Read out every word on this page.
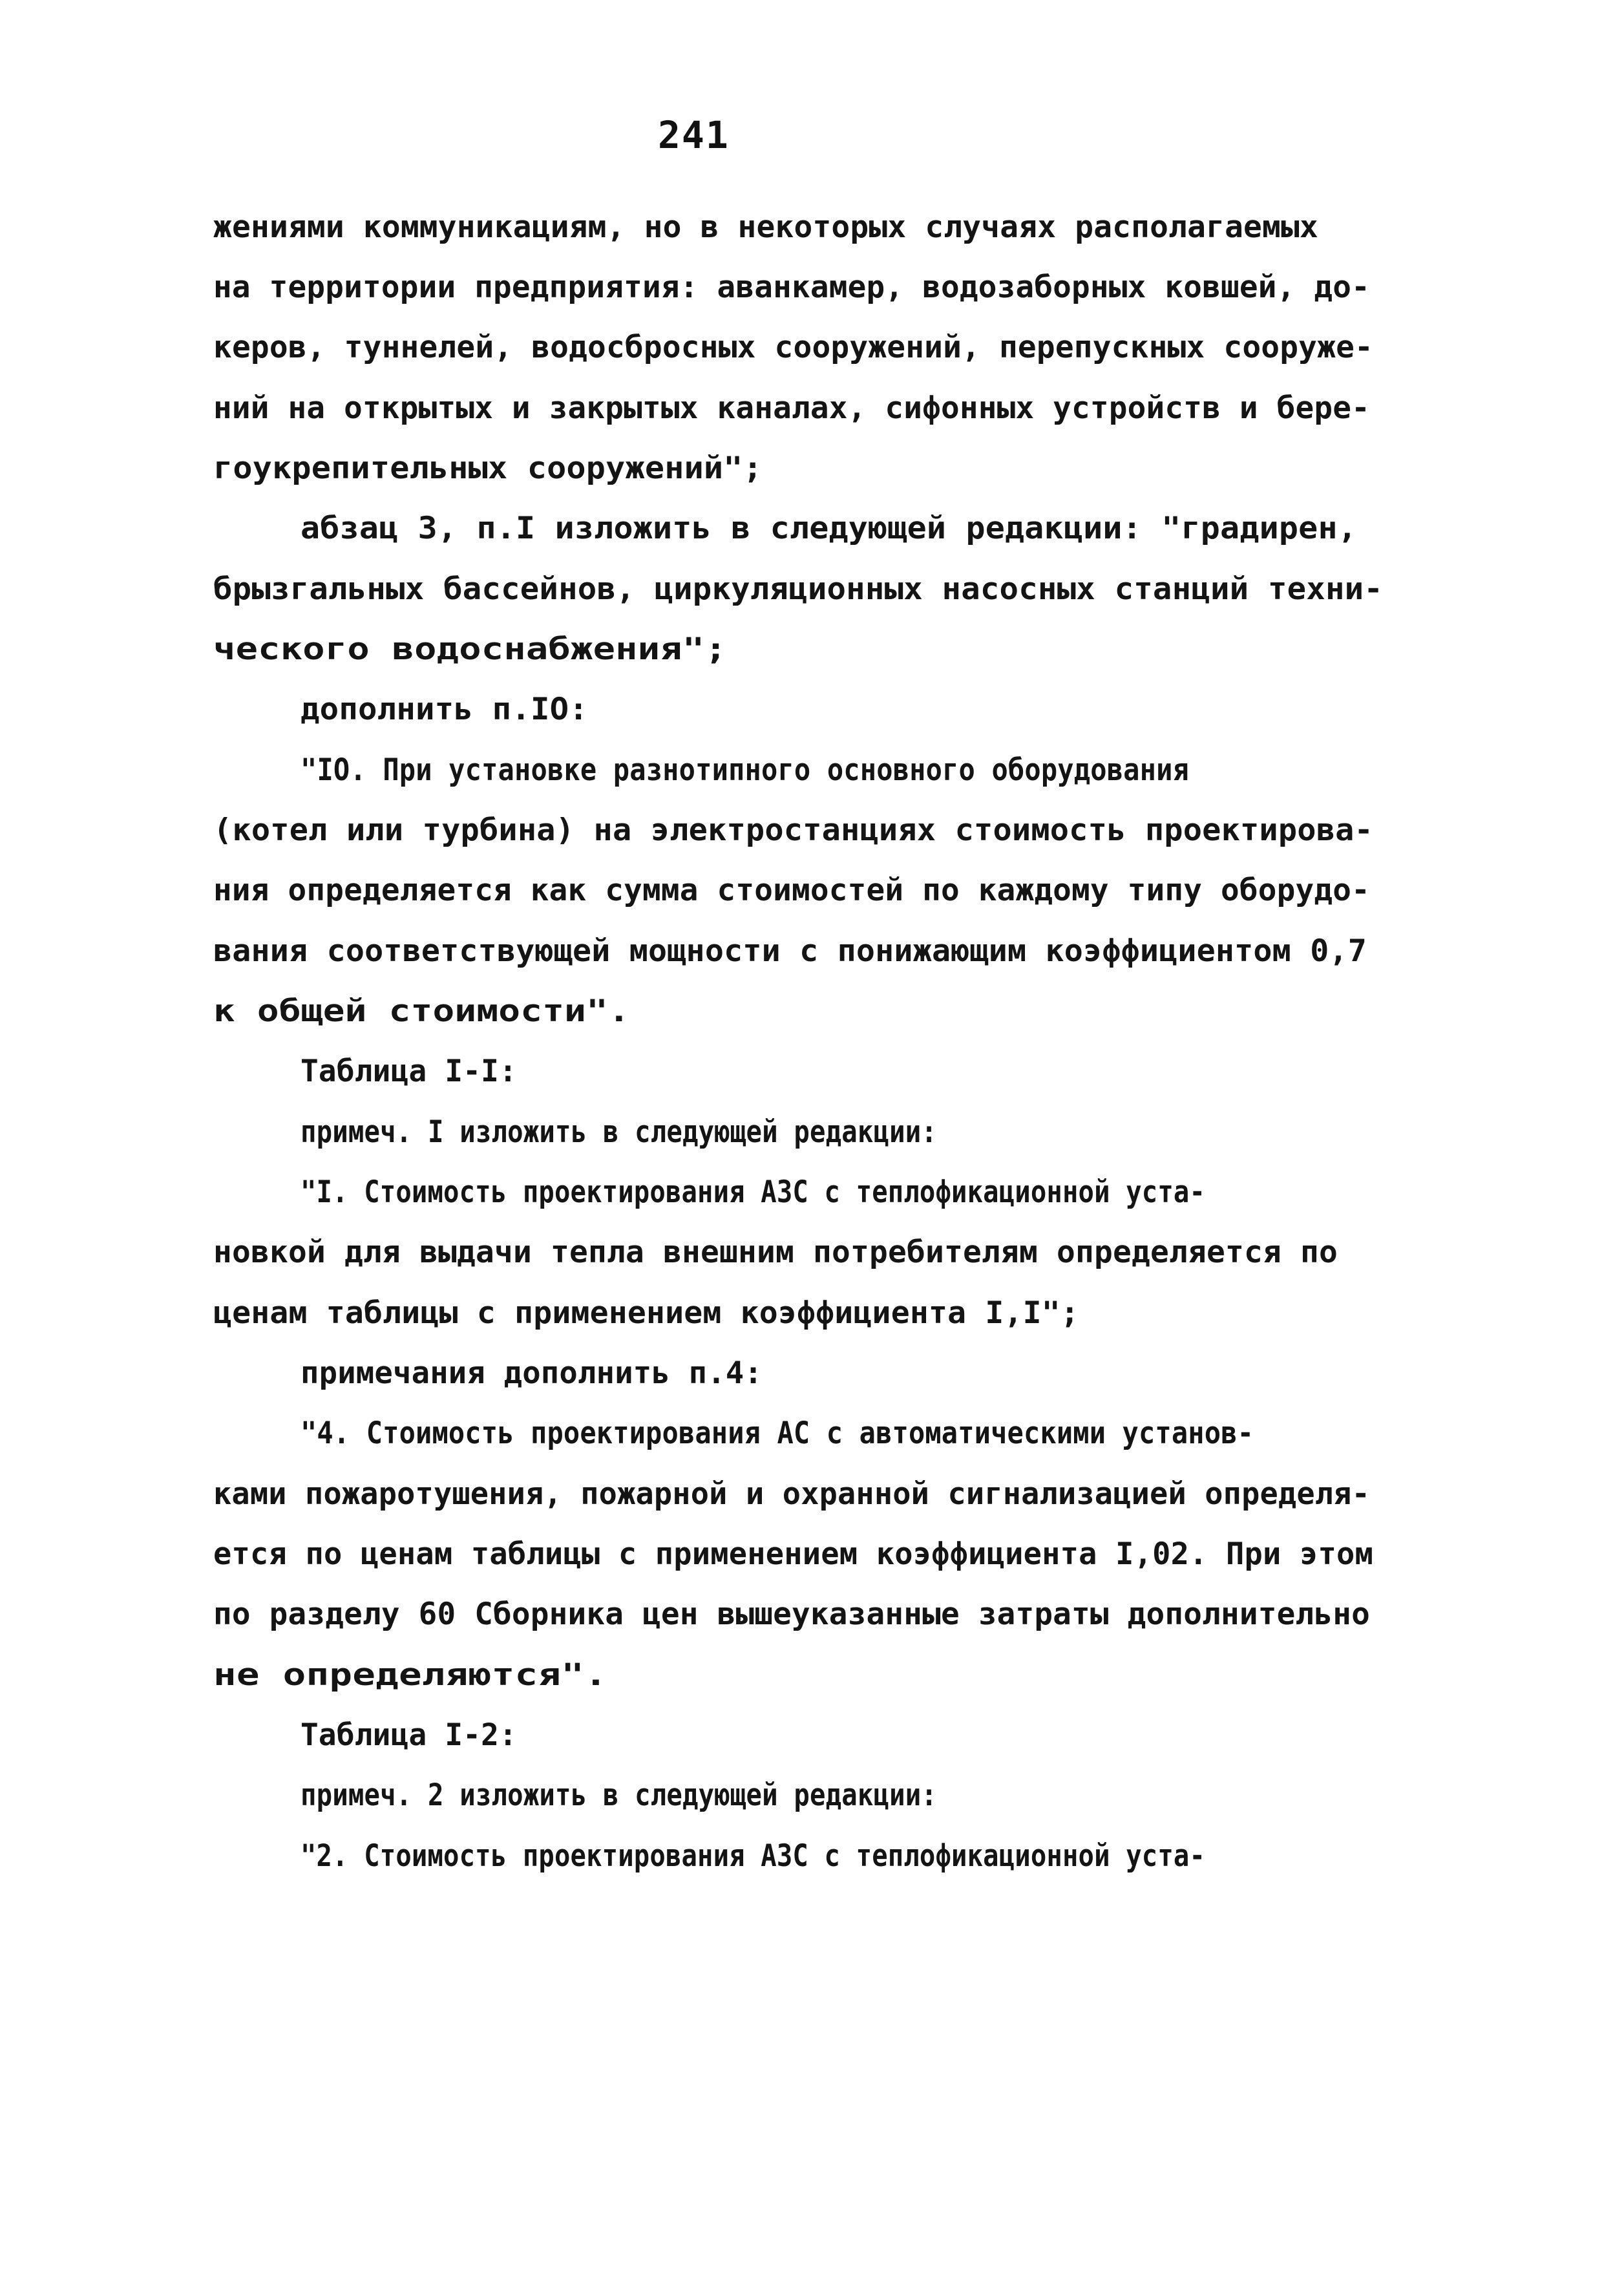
241
жениями коммуникациям, но в некоторых случаях располагаемых
на территории предприятия: аванкамер, водозаборных ковшей, до-
керов, туннелей, водосбросных сооружений, перепускных сооруже-
ний на открытых и закрытых каналах, сифонных устройств и бере-
гоукрепительных сооружений";
абзац 3, п.I изложить в следующей редакции: "градирен,
брызгальных бассейнов, циркуляционных насосных станций техни-
ческого водоснабжения";
дополнить п.IO:
"IO. При установке разнотипного основного оборудования
(котел или турбина) на электростанциях стоимость проектирова-
ния определяется как сумма стоимостей по каждому типу оборудо-
вания соответствующей мощности с понижающим коэффициентом 0,7
к общей стоимости".
Таблица I-I:
примеч. I изложить в следующей редакции:
"I. Стоимость проектирования АЗС с теплофикационной уста-
новкой для выдачи тепла внешним потребителям определяется по
ценам таблицы с применением коэффициента I,I";
примечания дополнить п.4:
"4. Стоимость проектирования АС с автоматическими установ-
ками пожаротушения, пожарной и охранной сигнализацией определя-
ется по ценам таблицы с применением коэффициента I,02. При этом
по разделу 60 Сборника цен вышеуказанные затраты дополнительно
не определяются".
Таблица I-2:
примеч. 2 изложить в следующей редакции:
"2. Стоимость проектирования АЗС с теплофикационной уста-
